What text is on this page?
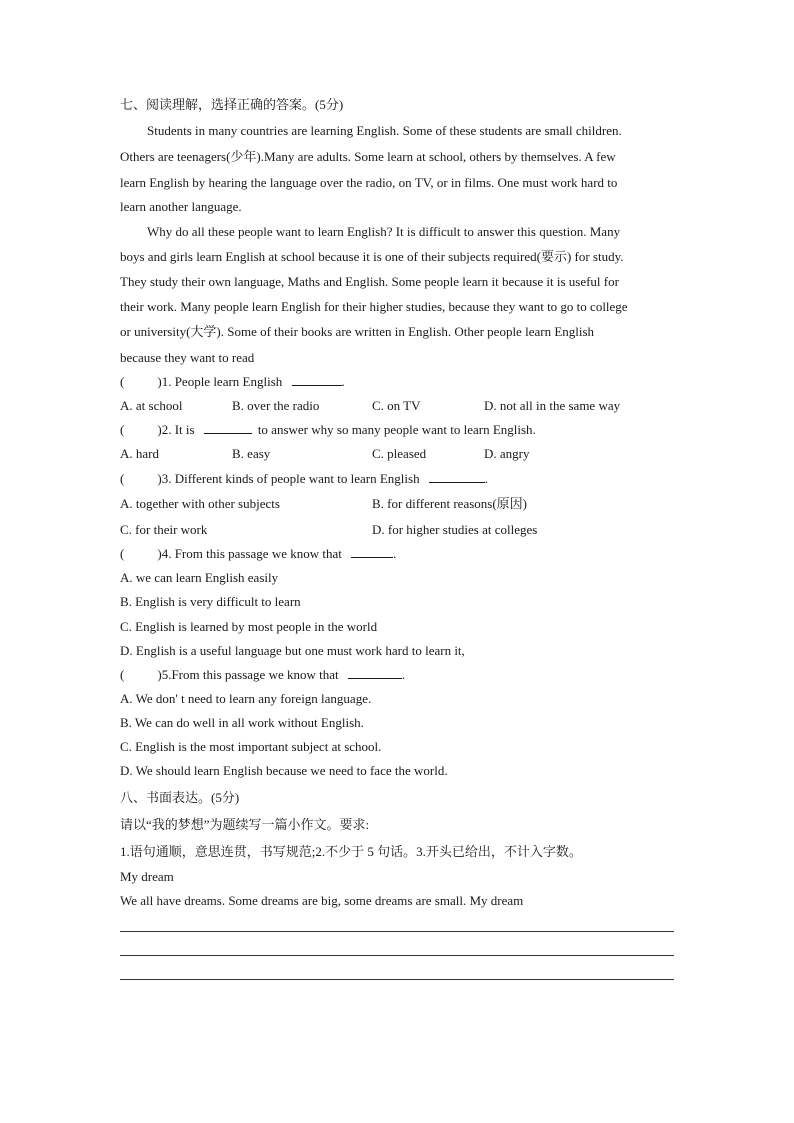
七、阅读理解，选择正确的答案。(5分)
Students in many countries are learning English. Some of these students are small children.
Others are teenagers(少年).Many are adults. Some learn at school, others by themselves. A few
learn English by hearing the language over the radio, on TV, or in films. One must work hard to
learn another language.
Why do all these people want to learn English? It is difficult to answer this question. Many
boys and girls learn English at school because it is one of their subjects required(要示) for study.
They study their own language, Maths and English. Some people learn it because it is useful for
their work. Many people learn English for their higher studies, because they want to go to college
or university(大学). Some of their books are written in English. Other people learn English
because they want to read
(	)1. People learn English	.
A. at school	B. over the radio	C. on TV	D. not all in the same way
(	)2. It is	to answer why so many people want to learn English.
A. hard	B. easy	C. pleased	D. angry
(	)3. Different kinds of people want to learn English	.
A. together with other subjects	B. for different reasons(原因)
C. for their work	D. for higher studies at colleges
(	)4. From this passage we know that	.
A. we can learn English easily
B. English is very difficult to learn
C. English is learned by most people in the world
D. English is a useful language but one must work hard to learn it,
(	)5.From this passage we know that	.
A. We don' t need to learn any foreign language.
B. We can do well in all work without English.
C. English is the most important subject at school.
D. We should learn English because we need to face the world.
八、书面表达。(5分)
请以“我的梦想”为题续写一篇小作文。要求:
1.语句通顺，意思连贯，书写规范;2.不少于 5 句话。3.开头已给出，不计入字数。
My dream
We all have dreams. Some dreams are big, some dreams are small. My dream
